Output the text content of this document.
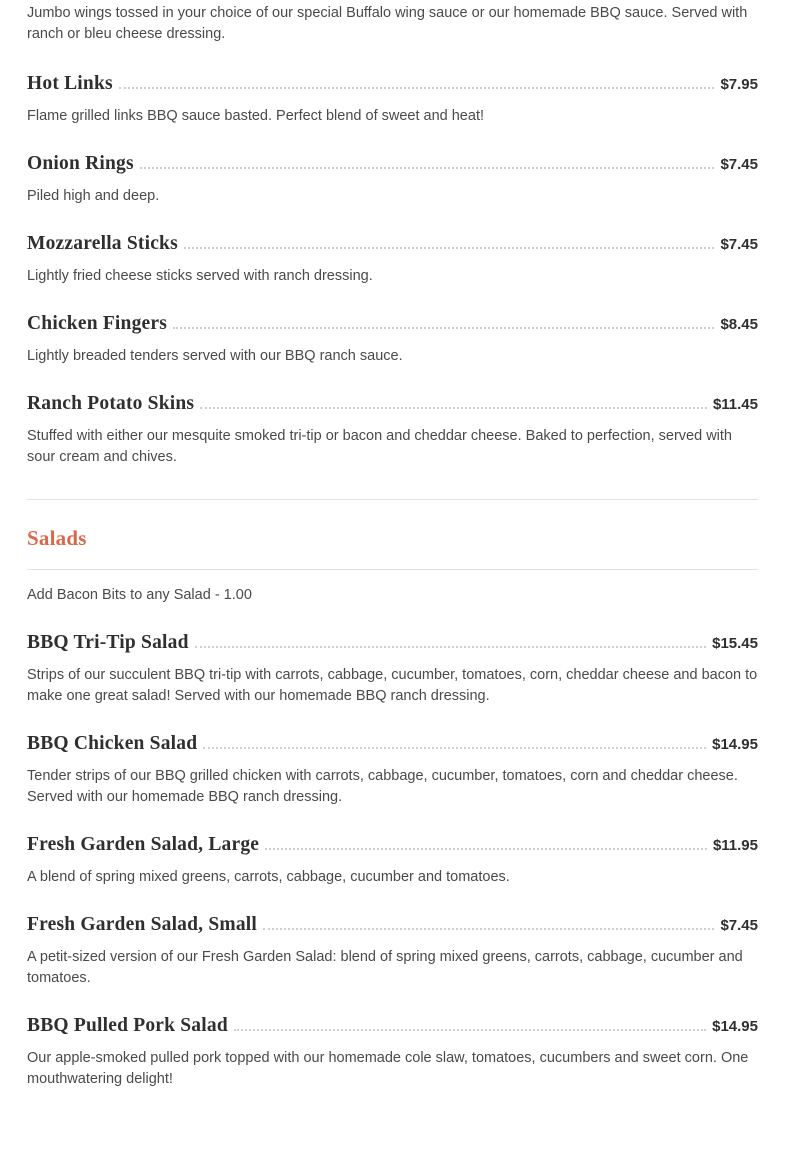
Jumbo wings tossed in your choice of our special Buffalo wing sauce or our homemade BBQ sauce. Served with ranch or bleu cheese dressing.

Hot Links	$7.95
Flame grilled links BBQ sauce basted. Perfect blend of sweet and heat!
Onion Rings	$7.45
Piled high and deep.
Mozzarella Sticks	$7.45
Lightly fried cheese sticks served with ranch dressing.
Chicken Fingers	$8.45
Lightly breaded tenders served with our BBQ ranch sauce.
Ranch Potato Skins	$11.45
Stuffed with either our mesquite smoked tri-tip or bacon and cheddar cheese. Baked to perfection, served with sour cream and chives.
Salads
Add Bacon Bits to any Salad - 1.00
BBQ Tri-Tip Salad	$15.45
Strips of our succulent BBQ tri-tip with carrots, cabbage, cucumber, tomatoes, corn, cheddar cheese and bacon to make one great salad! Served with our homemade BBQ ranch dressing.
BBQ Chicken Salad	$14.95
Tender strips of our BBQ grilled chicken with carrots, cabbage, cucumber, tomatoes, corn and cheddar cheese. Served with our homemade BBQ ranch dressing.
Fresh Garden Salad, Large	$11.95
A blend of spring mixed greens, carrots, cabbage, cucumber and tomatoes.
Fresh Garden Salad, Small	$7.45
A petit-sized version of our Fresh Garden Salad: blend of spring mixed greens, carrots, cabbage, cucumber and tomatoes.
BBQ Pulled Pork Salad	$14.95
Our apple-smoked pulled pork topped with our homemade cole slaw, tomatoes, cucumbers and sweet corn. One mouthwatering delight!
